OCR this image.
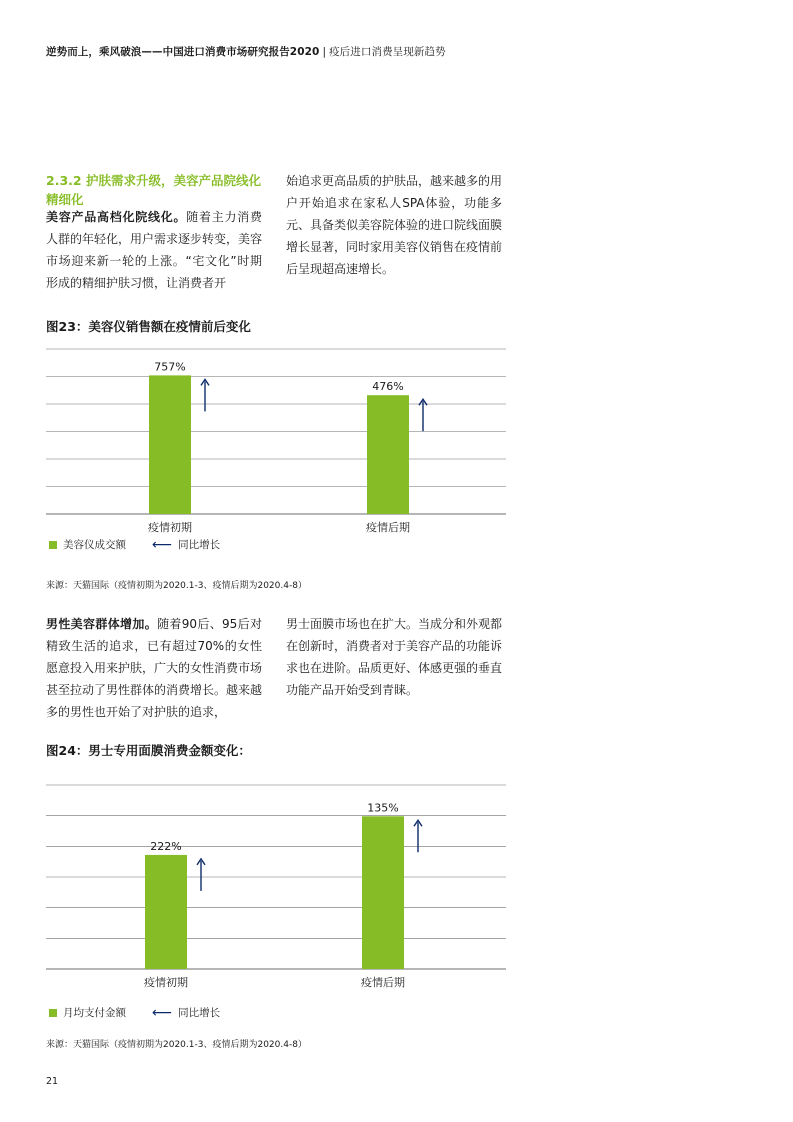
逆势而上，乘风破浪——中国进口消费市场研究报告2020 | 疫后进口消费呈现新趋势
2.3.2 护肤需求升级，美容产品院线化精细化
美容产品高档化院线化。随着主力消费人群的年轻化，用户需求逐步转变，美容市场迎来新一轮的上涨。“宅文化”时期形成的精细护肤习惯，让消费者开
始追求更高品质的护肤品，越来越多的用户开始追求在家私人SPA体验，功能多元、具备类似美容院体验的进口院线面膜增长显著，同时家用美容仪销售在疫情前后呈现超高速增长。
图23：美容仪销售额在疫情前后变化
757%
疫情初期
476%
疫情后期
美容仪成交额 ⟵ 同比增长
来源：天猫国际（疫情初期为2020.1-3、疫情后期为2020.4-8）
男性美容群体增加。随着90后、95后对精致生活的追求，已有超过70%的女性愿意投入用来护肤，广大的女性消费市场甚至拉动了男性群体的消费增长。越来越多的男性也开始了对护肤的追求，
男士面膜市场也在扩大。当成分和外观都在创新时，消费者对于美容产品的功能诉求也在进阶。品质更好、体感更强的垂直功能产品开始受到青睐。
图24：男士专用面膜消费金额变化：
222%
疫情初期
135%
疫情后期
月均支付金额 ⟵ 同比增长
来源：天猫国际（疫情初期为2020.1-3、疫情后期为2020.4-8）
21
